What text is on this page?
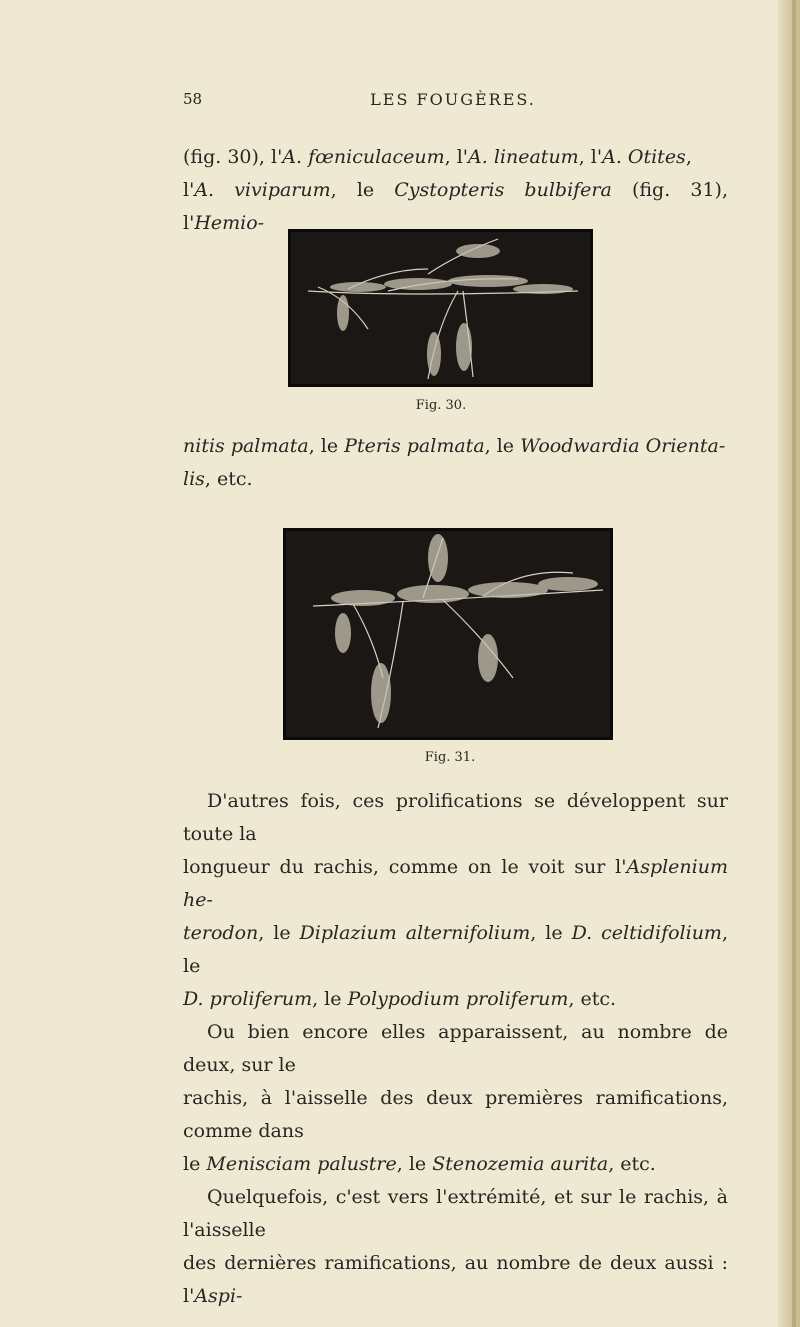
58	LES FOUGÈRES.

(fig. 30), l'A. fœniculaceum, l'A. lineatum, l'A. Otites,

l'A. viviparum, le Cystopteris bulbifera (fig. 31), l'Hemio-

Fig. 30.

nitis palmata, le Pteris palmata, le Woodwardia Orienta-

lis, etc.

Fig. 31.

D'autres fois, ces prolifications se développent sur toute la

longueur du rachis, comme on le voit sur l'Asplenium he-

terodon, le Diplazium alternifolium, le D. celtidifolium, le

D. proliferum, le Polypodium proliferum, etc.

Ou bien encore elles apparaissent, au nombre de deux, sur le

rachis, à l'aisselle des deux premières ramifications, comme dans

le Menisciam palustre, le Stenozemia aurita, etc.

Quelquefois, c'est vers l'extrémité, et sur le rachis, à l'aisselle

des dernières ramifications, au nombre de deux aussi : l'Aspi-
